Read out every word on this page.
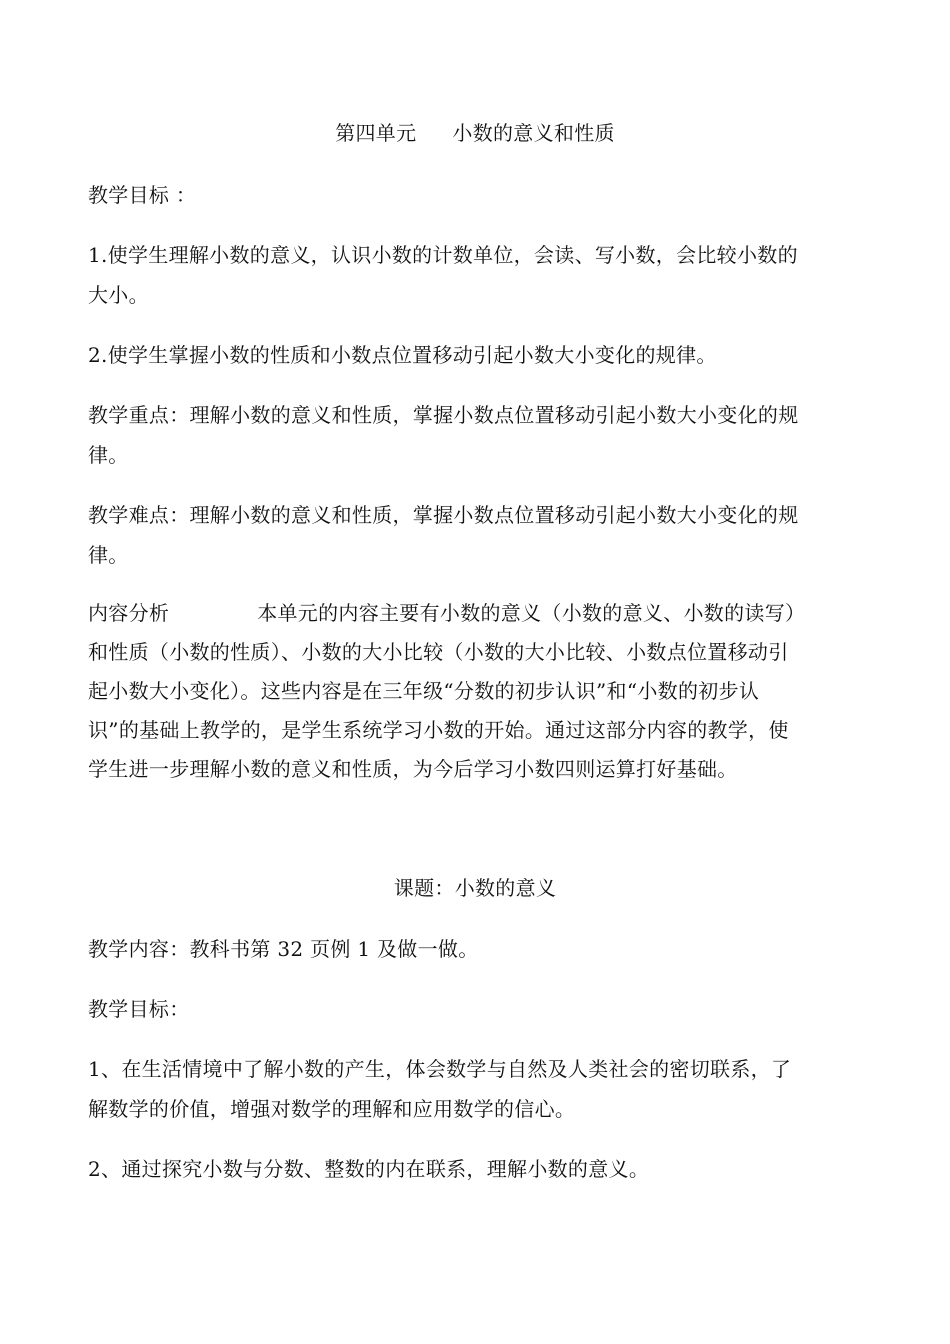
第四单元 小数的意义和性质
教学目标 ：
1.使学生理解小数的意义，认识小数的计数单位，会读、写小数，会比较小数的
大小。
2.使学生掌握小数的性质和小数点位置移动引起小数大小变化的规律。
教学重点：理解小数的意义和性质，掌握小数点位置移动引起小数大小变化的规
律。
教学难点：理解小数的意义和性质，掌握小数点位置移动引起小数大小变化的规
律。
内容分析	本单元的内容主要有小数的意义（小数的意义、小数的读写）
和性质（小数的性质）、小数的大小比较（小数的大小比较、小数点位置移动引
起小数大小变化）。这些内容是在三年级“分数的初步认识”和“小数的初步认
识”的基础上教学的，是学生系统学习小数的开始。通过这部分内容的教学，使
学生进一步理解小数的意义和性质，为今后学习小数四则运算打好基础。
课题：小数的意义
教学内容：教科书第 32 页例 1 及做一做。
教学目标：
1、在生活情境中了解小数的产生，体会数学与自然及人类社会的密切联系，了
解数学的价值，增强对数学的理解和应用数学的信心。
2、通过探究小数与分数、整数的内在联系，理解小数的意义。
